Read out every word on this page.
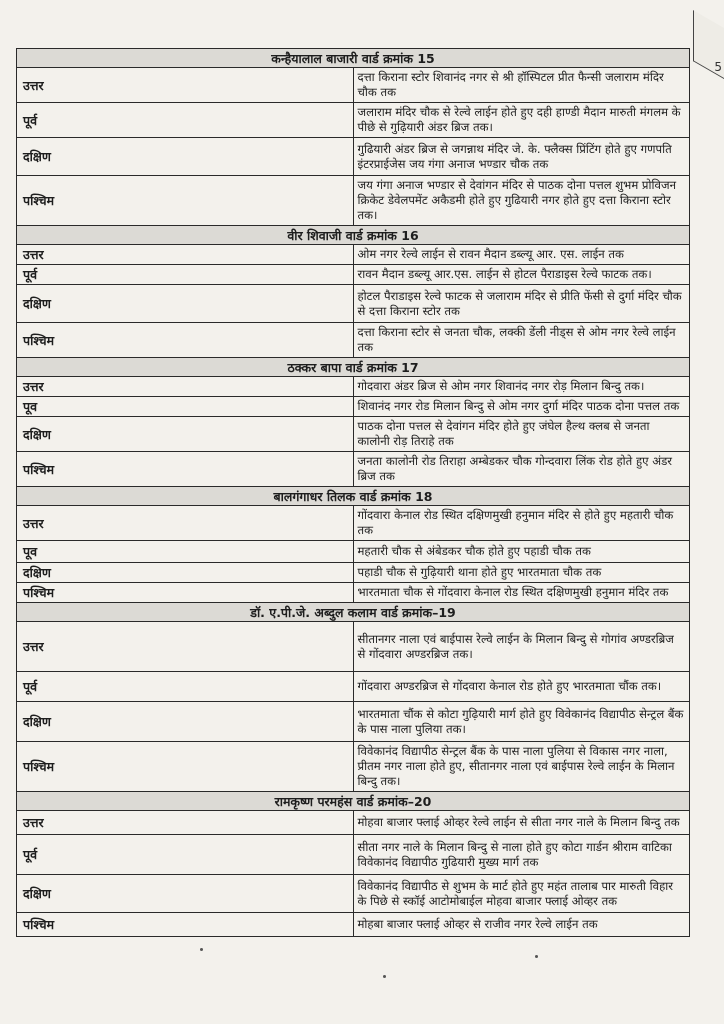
5
कन्हैयालाल बाजारी वार्ड क्रमांक 15	
उत्तर	दत्ता किराना स्टोर शिवानंद नगर से श्री हॉस्पिटल प्रीत फैन्सी जलाराम मंदिर चौक तक
पूर्व	जलाराम मंदिर चौक से रेल्वे लाईन होते हुए दही हाण्डी मैदान मारुती मंगलम के पीछे से गुढ़ियारी अंडर ब्रिज तक।
दक्षिण	गुढियारी अंडर ब्रिज से जगन्नाथ मंदिर जे. के. फ्लैक्स प्रिंटिंग होते हुए गणपति इंटरप्राईजेस जय गंगा अनाज भण्डार चौक तक
पश्चिम	जय गंगा अनाज भण्डार से देवांगन मंदिर से पाठक दोना पत्तल शुभम प्रोविजन क्रिकेट डेवेलपमेंट अकैडमी होते हुए गुढियारी नगर होते हुए दत्ता किराना स्टोर तक।
वीर शिवाजी वार्ड क्रमांक 16	
उत्तर	ओम नगर रेल्वे लाईन से रावन मैदान डब्ल्यू आर. एस. लाईन तक
पूर्व	रावन मैदान डब्ल्यू आर.एस. लाईन से होटल पैराडाइस रेल्वे फाटक तक।
दक्षिण	होटल पैराडाइस रेल्वे फाटक से जलाराम मंदिर से प्रीति फेंसी से दुर्गा मंदिर चौक से दत्ता किराना स्टोर तक
पश्चिम	दत्ता किराना स्टोर से जनता चौक, लक्की डेंली नीड्स से ओम नगर रेल्वे लाईन तक
ठक्कर बापा वार्ड क्रमांक 17	
उत्तर	गोदवारा अंडर ब्रिज से ओम नगर शिवानंद नगर रोड़ मिलान बिन्दु तक।
पूव	शिवानंद नगर रोड मिलान बिन्दु से ओम नगर दुर्गा मंदिर पाठक दोना पत्तल तक
दक्षिण	पाठक दोना पत्तल से देवांगन मंदिर होते हुए जंघेल हैल्थ क्लब से जनता कालोनी रोड़ तिराहे तक
पश्चिम	जनता कालोनी रोड तिराहा अम्बेडकर चौक गोन्दवारा लिंक रोड होते हुए अंडर ब्रिज तक
बालगंगाधर तिलक वार्ड क्रमांक 18	
उत्तर	गोंदवारा केनाल रोड स्थित दक्षिणमुखी हनुमान मंदिर से होते हुए महतारी चौक तक
पूव	महतारी चौक से अंबेडकर चौक होते हुए पहाडी चौक तक
दक्षिण	पहाडी चौक से गुढ़ियारी थाना होते हुए भारतमाता चौक तक
पश्चिम	भारतमाता चौक से गोंदवारा केनाल रोड स्थित दक्षिणमुखी हनुमान मंदिर तक
डॉ. ए.पी.जे. अब्दुल कलाम वार्ड क्रमांक–19	
उत्तर	सीतानगर नाला एवं बाईपास रेल्वे लाईन के मिलान बिन्दु से गोगांव अण्डरब्रिज से गोंदवारा अण्डरब्रिज तक।
पूर्व	गोंदवारा अण्डरब्रिज से गोंदवारा केनाल रोड होते हुए भारतमाता चौंक तक।
दक्षिण	भारतमाता चौंक से कोटा गुढ़ियारी मार्ग होते हुए विवेकानंद विद्यापीठ सेन्ट्रल बैंक के पास नाला पुलिया तक।
पश्चिम	विवेकानंद विद्यापीठ सेन्ट्रल बैंक के पास नाला पुलिया से विकास नगर नाला, प्रीतम नगर नाला होते हुए, सीतानगर नाला एवं बाईपास रेल्वे लाईन के मिलान बिन्दु तक।
रामकृष्ण परमहंस वार्ड क्रमांक–20	
उत्तर	मोहवा बाजार फ्लाई ओव्हर रेल्वे लाईन से सीता नगर नाले के मिलान बिन्दु तक
पूर्व	सीता नगर नाले के मिलान बिन्दु से नाला होते हुए कोटा गार्डन श्रीराम वाटिका विवेकानंद विद्यापीठ गुढियारी मुख्य मार्ग तक
दक्षिण	विवेकानंद विद्यापीठ से शुभम के मार्ट होते हुए महंत तालाब पार मारुती विहार के पिछे से स्कॉई आटोमोबाईल मोहवा बाजार फ्लाई ओव्हर तक
पश्चिम	मोहबा बाजार फ्लाई ओव्हर से राजीव नगर रेल्वे लाईन तक
